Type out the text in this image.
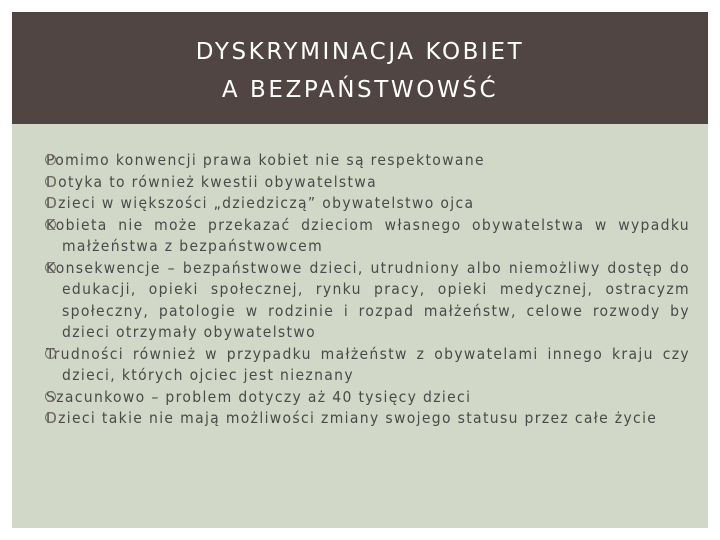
DYSKRYMINACJA KOBIET
A BEZPAŃSTWOWŚĆ

Pomimo konwencji prawa kobiet nie są respektowane

Dotyka to również kwestii obywatelstwa

Dzieci w większości „dziedziczą” obywatelstwo ojca

Kobieta nie może przekazać dzieciom własnego obywatelstwa w wypadku małżeństwa z bezpaństwowcem

Konsekwencje – bezpaństwowe dzieci, utrudniony albo niemożliwy dostęp do edukacji, opieki społecznej, rynku pracy, opieki medycznej, ostracyzm społeczny, patologie w rodzinie i rozpad małżeństw, celowe rozwody by dzieci otrzymały obywatelstwo

Trudności również w przypadku małżeństw z obywatelami innego kraju czy dzieci, których ojciec jest nieznany

Szacunkowo – problem dotyczy aż 40 tysięcy dzieci

Dzieci takie nie mają możliwości zmiany swojego statusu przez całe życie
